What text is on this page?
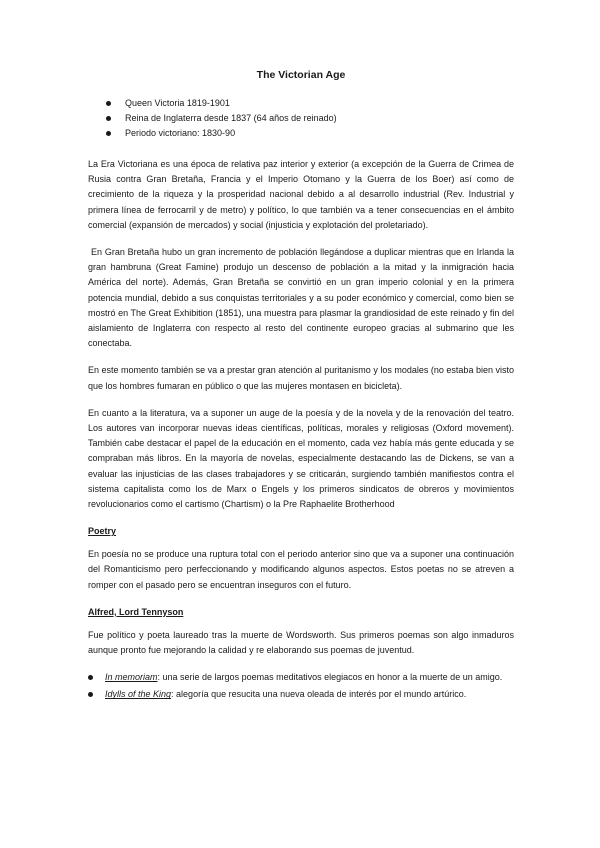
The Victorian Age
Queen Victoria 1819-1901
Reina de Inglaterra desde 1837 (64 años de reinado)
Periodo victoriano: 1830-90

La Era Victoriana es una época de relativa paz interior y exterior (a excepción de la Guerra de Crimea de Rusia contra Gran Bretaña, Francia y el Imperio Otomano y la Guerra de los Boer) así como de crecimiento de la riqueza y la prosperidad nacional debido a al desarrollo industrial (Rev. Industrial y primera línea de ferrocarril y de metro) y político, lo que también va a tener consecuencias en el ámbito comercial (expansión de mercados) y social (injusticia y explotación del proletariado).

En Gran Bretaña hubo un gran incremento de población llegándose a duplicar mientras que en Irlanda la gran hambruna (Great Famine) produjo un descenso de población a la mitad y la inmigración hacia América del norte). Además, Gran Bretaña se convirtió en un gran imperio colonial y en la primera potencia mundial, debido a sus conquistas territoriales y a su poder económico y comercial, como bien se mostró en The Great Exhibition (1851), una muestra para plasmar la grandiosidad de este reinado y fin del aislamiento de Inglaterra con respecto al resto del continente europeo gracias al submarino que les conectaba.

En este momento también se va a prestar gran atención al puritanismo y los modales (no estaba bien visto que los hombres fumaran en público o que las mujeres montasen en bicicleta).

En cuanto a la literatura, va a suponer un auge de la poesía y de la novela y de la renovación del teatro. Los autores van incorporar nuevas ideas científicas, políticas, morales y religiosas (Oxford movement). También cabe destacar el papel de la educación en el momento, cada vez había más gente educada y se compraban más libros. En la mayoría de novelas, especialmente destacando las de Dickens, se van a evaluar las injusticias de las clases trabajadores y se criticarán, surgiendo también manifiestos contra el sistema capitalista como los de Marx o Engels y los primeros sindicatos de obreros y movimientos revolucionarios como el cartismo (Chartism) o la Pre Raphaelite Brotherhood

Poetry

En poesía no se produce una ruptura total con el periodo anterior sino que va a suponer una continuación del Romanticismo pero perfeccionando y modificando algunos aspectos. Estos poetas no se atreven a romper con el pasado pero se encuentran inseguros con el futuro.

Alfred, Lord Tennyson

Fue político y poeta laureado tras la muerte de Wordsworth. Sus primeros poemas son algo inmaduros aunque pronto fue mejorando la calidad y re elaborando sus poemas de juventud.

In memoriam: una serie de largos poemas meditativos elegiacos en honor a la muerte de un amigo.
Idylls of the King: alegoría que resucita una nueva oleada de interés por el mundo artúrico.
